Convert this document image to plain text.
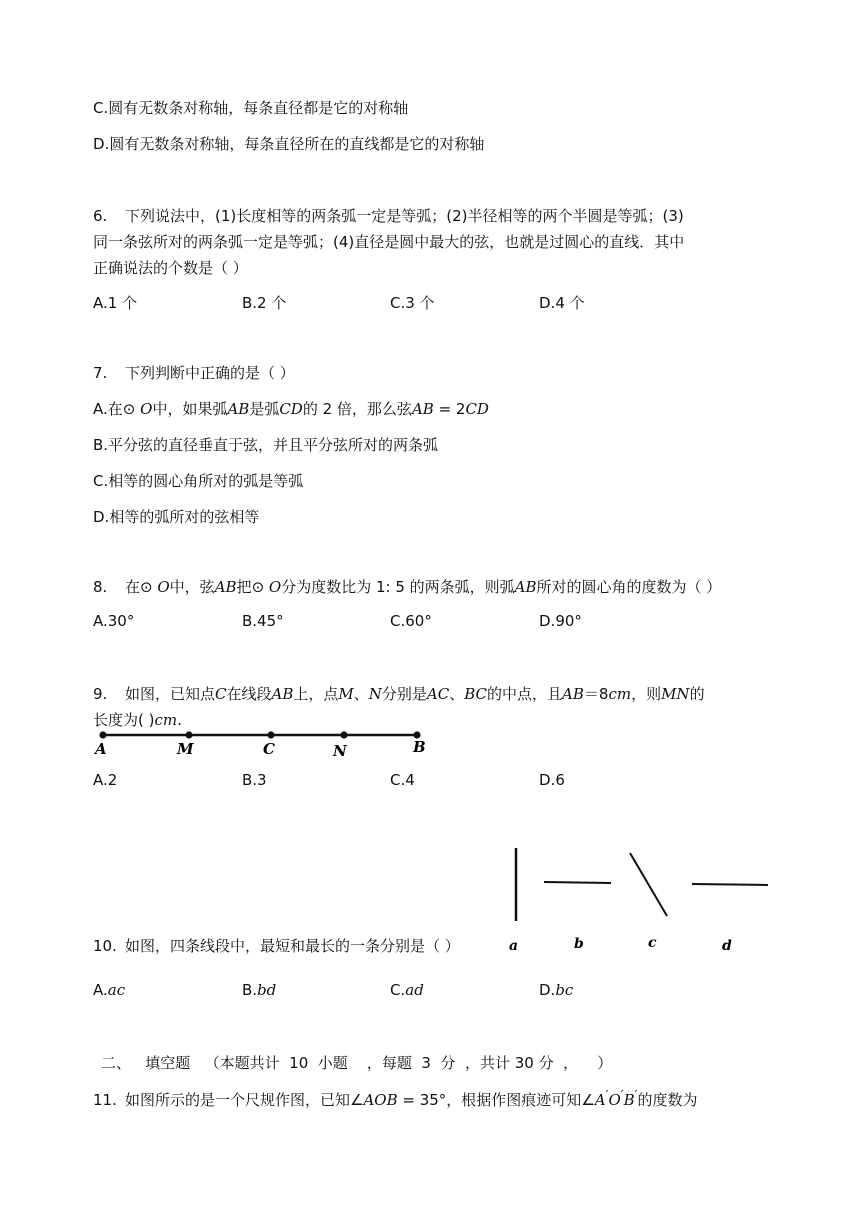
C.圆有无数条对称轴，每条直径都是它的对称轴
D.圆有无数条对称轴，每条直径所在的直线都是它的对称轴
6. 下列说法中，(1)长度相等的两条弧一定是等弧；(2)半径相等的两个半圆是等弧；(3)
同一条弦所对的两条弧一定是等弧；(4)直径是圆中最大的弦，也就是过圆心的直线．其中
正确说法的个数是（ ）
A.1 个	B.2 个	C.3 个	D.4 个
7. 下列判断中正确的是（ ）
A.在⊙ O中，如果弧AB是弧CD的 2 倍，那么弦AB = 2CD
B.平分弦的直径垂直于弦，并且平分弦所对的两条弧
C.相等的圆心角所对的弧是等弧
D.相等的弧所对的弦相等
8. 在⊙ O中，弦AB把⊙ O分为度数比为 1: 5 的两条弧，则弧AB所对的圆心角的度数为（ ）
A.30°	B.45°	C.60°	D.90°
9. 如图，已知点C在线段AB上，点M、N分别是AC、BC的中点，且AB＝8cm，则MN的
长度为( )cm.
A	M	C	N	B
A.2	B.3	C.4	D.6
a	b	c	d
10. 如图，四条线段中，最短和最长的一条分别是（ ）
A.ac	B.bd	C.ad	D.bc
二、   填空题   （本题共计  10  小题    ，每题  3  分  ，共计 30 分  ，    ）
11. 如图所示的是一个尺规作图，已知∠AOB = 35°，根据作图痕迹可知∠A′O′B′的度数为
